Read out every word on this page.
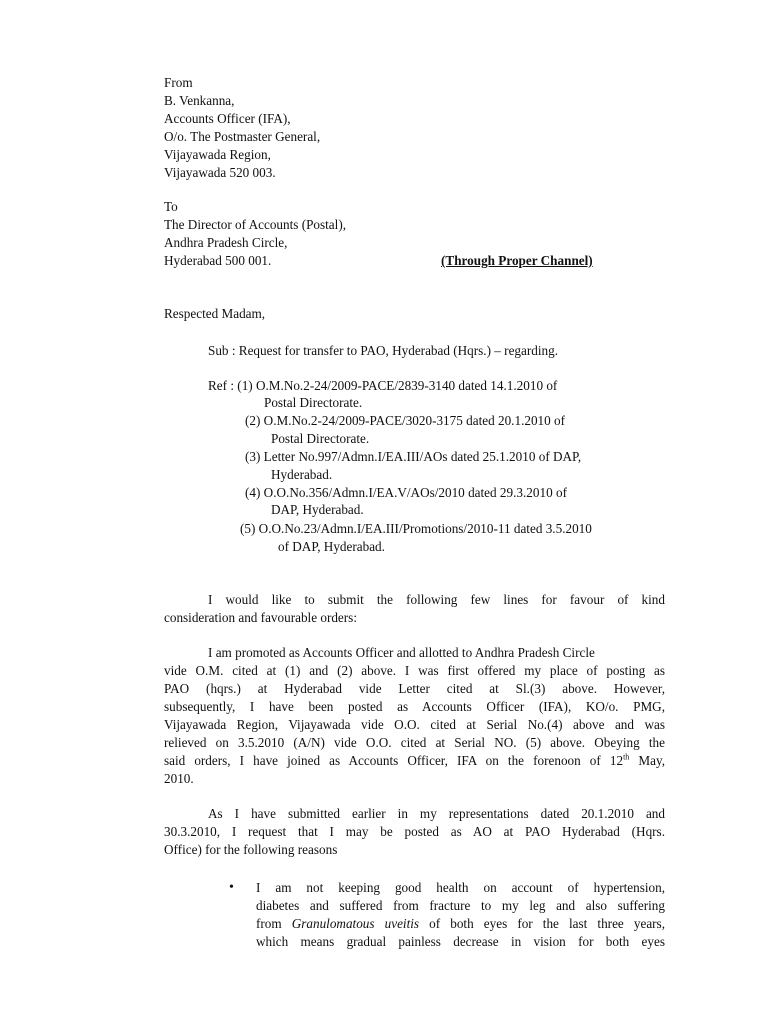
From
B. Venkanna,
Accounts Officer (IFA),
O/o. The Postmaster General,
Vijayawada Region,
Vijayawada 520 003.
To
The Director of Accounts (Postal),
Andhra Pradesh Circle,
Hyderabad 500 001.	(Through Proper Channel)
Respected Madam,
Sub : Request for transfer to PAO, Hyderabad (Hqrs.) – regarding.
Ref : (1) O.M.No.2-24/2009-PACE/2839-3140 dated 14.1.2010 of
Postal Directorate.
(2) O.M.No.2-24/2009-PACE/3020-3175 dated 20.1.2010 of
Postal Directorate.
(3) Letter No.997/Admn.I/EA.III/AOs dated 25.1.2010 of DAP,
Hyderabad.
(4) O.O.No.356/Admn.I/EA.V/AOs/2010 dated 29.3.2010 of
DAP, Hyderabad.
(5) O.O.No.23/Admn.I/EA.III/Promotions/2010-11 dated 3.5.2010
of DAP, Hyderabad.
I would like to submit the following few lines for favour of kind
consideration and favourable orders:
I am promoted as Accounts Officer and allotted to Andhra Pradesh Circle
vide O.M. cited at (1) and (2) above. I was first offered my place of posting as
PAO (hqrs.) at Hyderabad vide Letter cited at Sl.(3) above. However,
subsequently, I have been posted as Accounts Officer (IFA), KO/o. PMG,
Vijayawada Region, Vijayawada vide O.O. cited at Serial No.(4) above and was
relieved on 3.5.2010 (A/N) vide O.O. cited at Serial NO. (5) above. Obeying the
said orders, I have joined as Accounts Officer, IFA on the forenoon of 12th May,
2010.
As I have submitted earlier in my representations dated 20.1.2010 and
30.3.2010, I request that I may be posted as AO at PAO Hyderabad (Hqrs.
Office) for the following reasons
• I am not keeping good health on account of hypertension,
diabetes and suffered from fracture to my leg and also suffering
from Granulomatous uveitis of both eyes for the last three years,
which means gradual painless decrease in vision for both eyes
